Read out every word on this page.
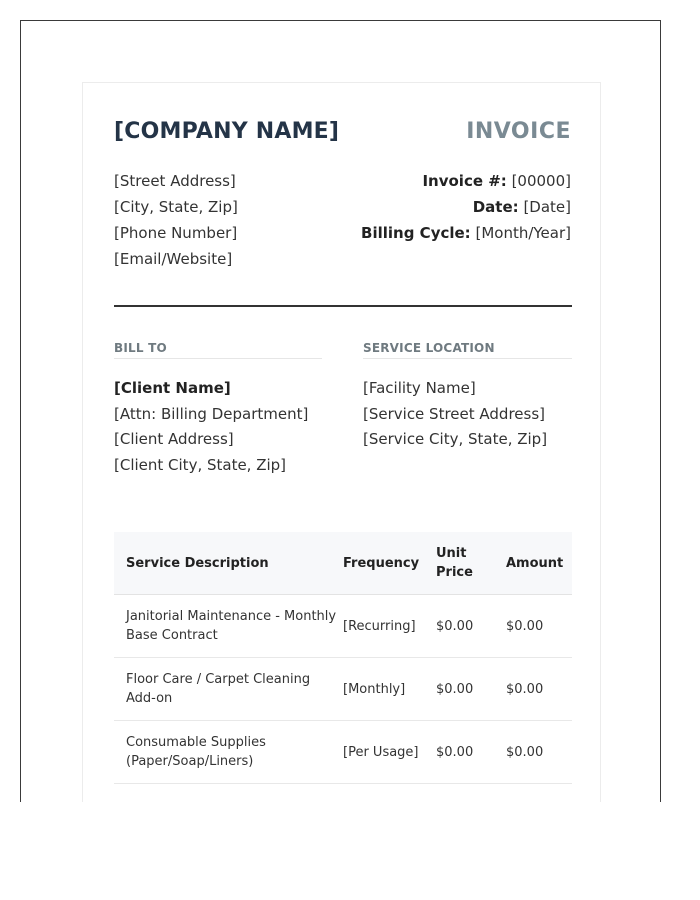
[COMPANY NAME]	INVOICE
[Street Address]
[City, State, Zip]
[Phone Number]
[Email/Website]
Invoice #: [00000]
Date: [Date]
Billing Cycle: [Month/Year]
BILL TO	SERVICE LOCATION
[Client Name]
[Attn: Billing Department]
[Client Address]
[Client City, State, Zip]
[Facility Name]
[Service Street Address]
[Service City, State, Zip]
Service Description	Frequency	Unit Price	Amount
Janitorial Maintenance - Monthly Base Contract	[Recurring]	$0.00	$0.00
Floor Care / Carpet Cleaning Add-on	[Monthly]	$0.00	$0.00
Consumable Supplies (Paper/Soap/Liners)	[Per Usage]	$0.00	$0.00
